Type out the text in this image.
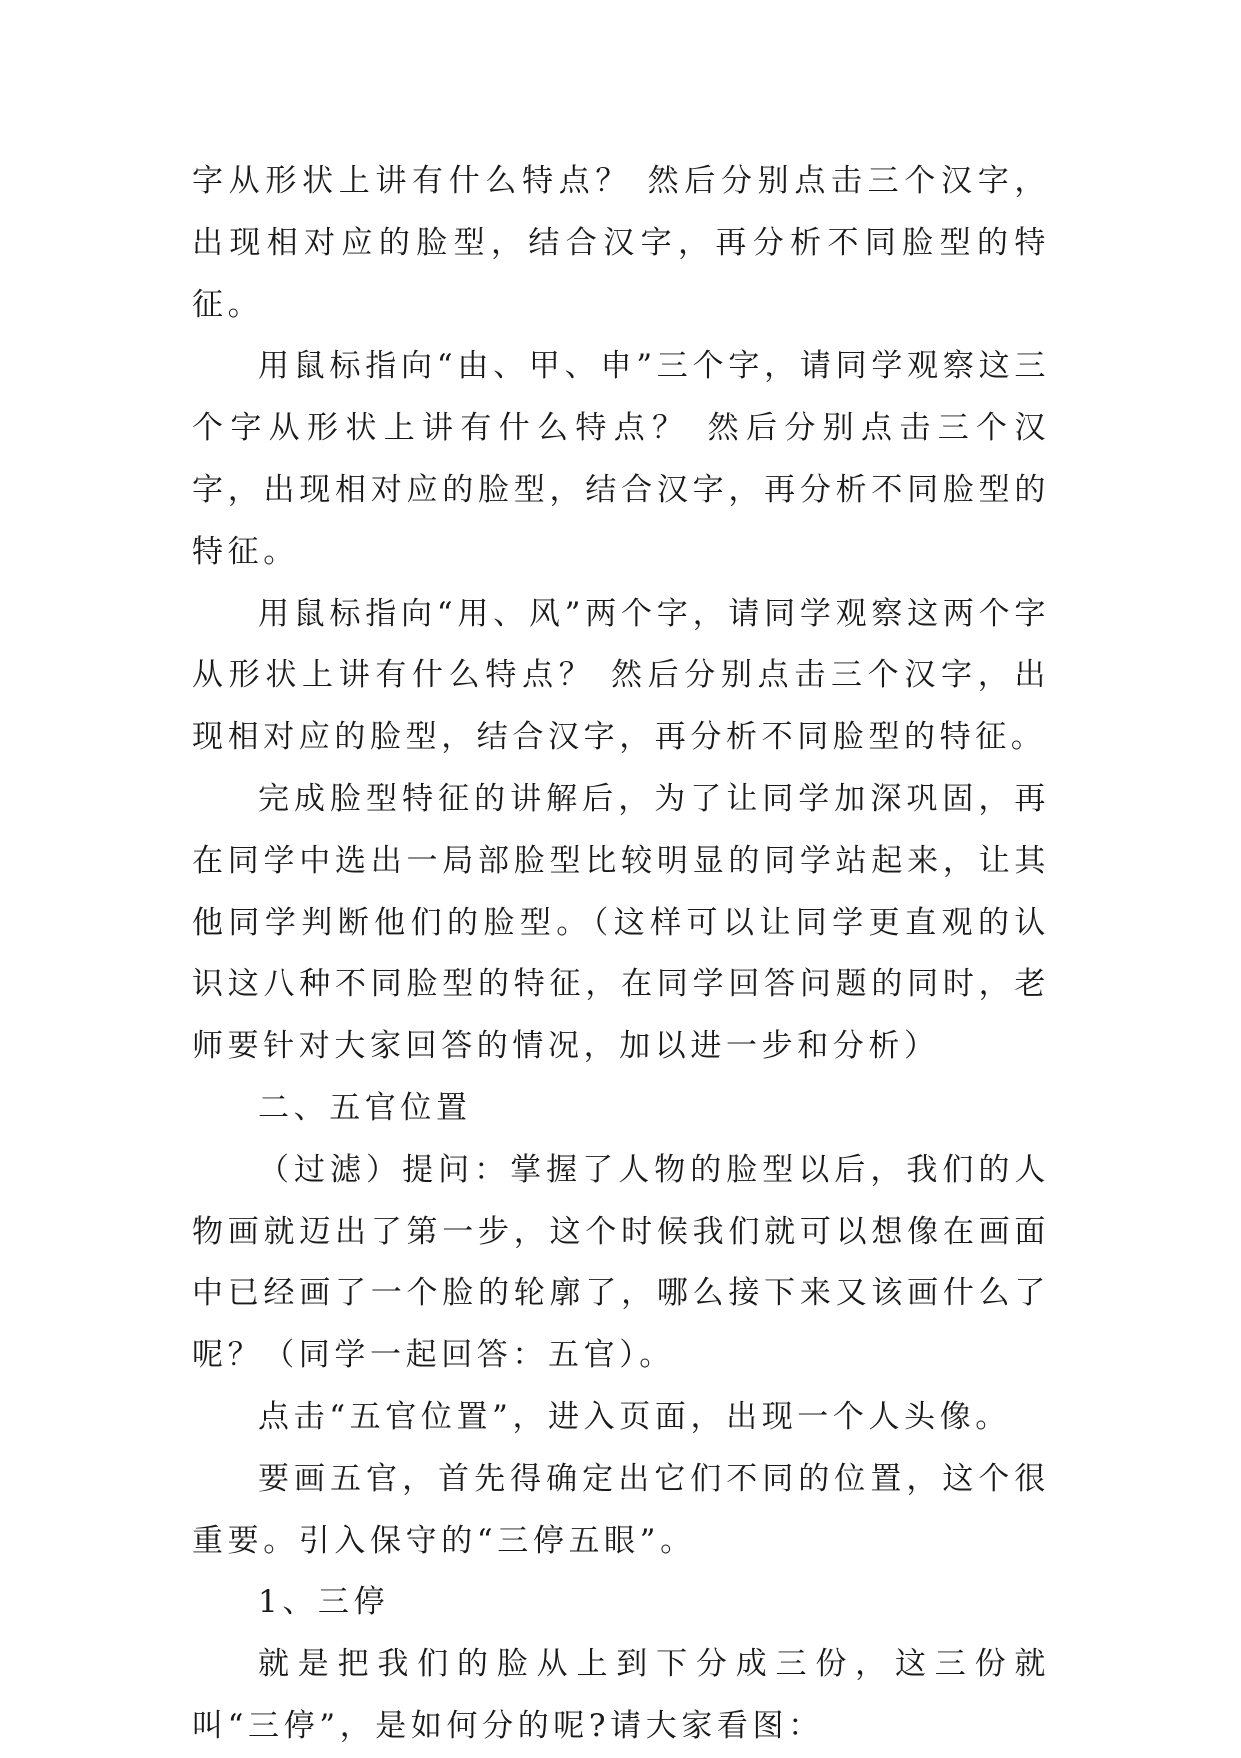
字从形状上讲有什么特点？ 然后分别点击三个汉字，出现相对应的脸型，结合汉字，再分析不同脸型的特征。

用鼠标指向“由、甲、申”三个字，请同学观察这三个字从形状上讲有什么特点？ 然后分别点击三个汉字，出现相对应的脸型，结合汉字，再分析不同脸型的特征。

用鼠标指向“用、风”两个字，请同学观察这两个字从形状上讲有什么特点？ 然后分别点击三个汉字，出现相对应的脸型，结合汉字，再分析不同脸型的特征。

完成脸型特征的讲解后，为了让同学加深巩固，再在同学中选出一局部脸型比较明显的同学站起来，让其他同学判断他们的脸型。（这样可以让同学更直观的认识这八种不同脸型的特征，在同学回答问题的同时，老师要针对大家回答的情况，加以进一步和分析）

二、五官位置

（过滤）提问：掌握了人物的脸型以后，我们的人物画就迈出了第一步，这个时候我们就可以想像在画面中已经画了一个脸的轮廓了，哪么接下来又该画什么了呢？（同学一起回答：五官）。

点击“五官位置”，进入页面，出现一个人头像。

要画五官，首先得确定出它们不同的位置，这个很重要。引入保守的“三停五眼”。

1、三停

就是把我们的脸从上到下分成三份，这三份就叫“三停”，是如何分的呢?请大家看图：
